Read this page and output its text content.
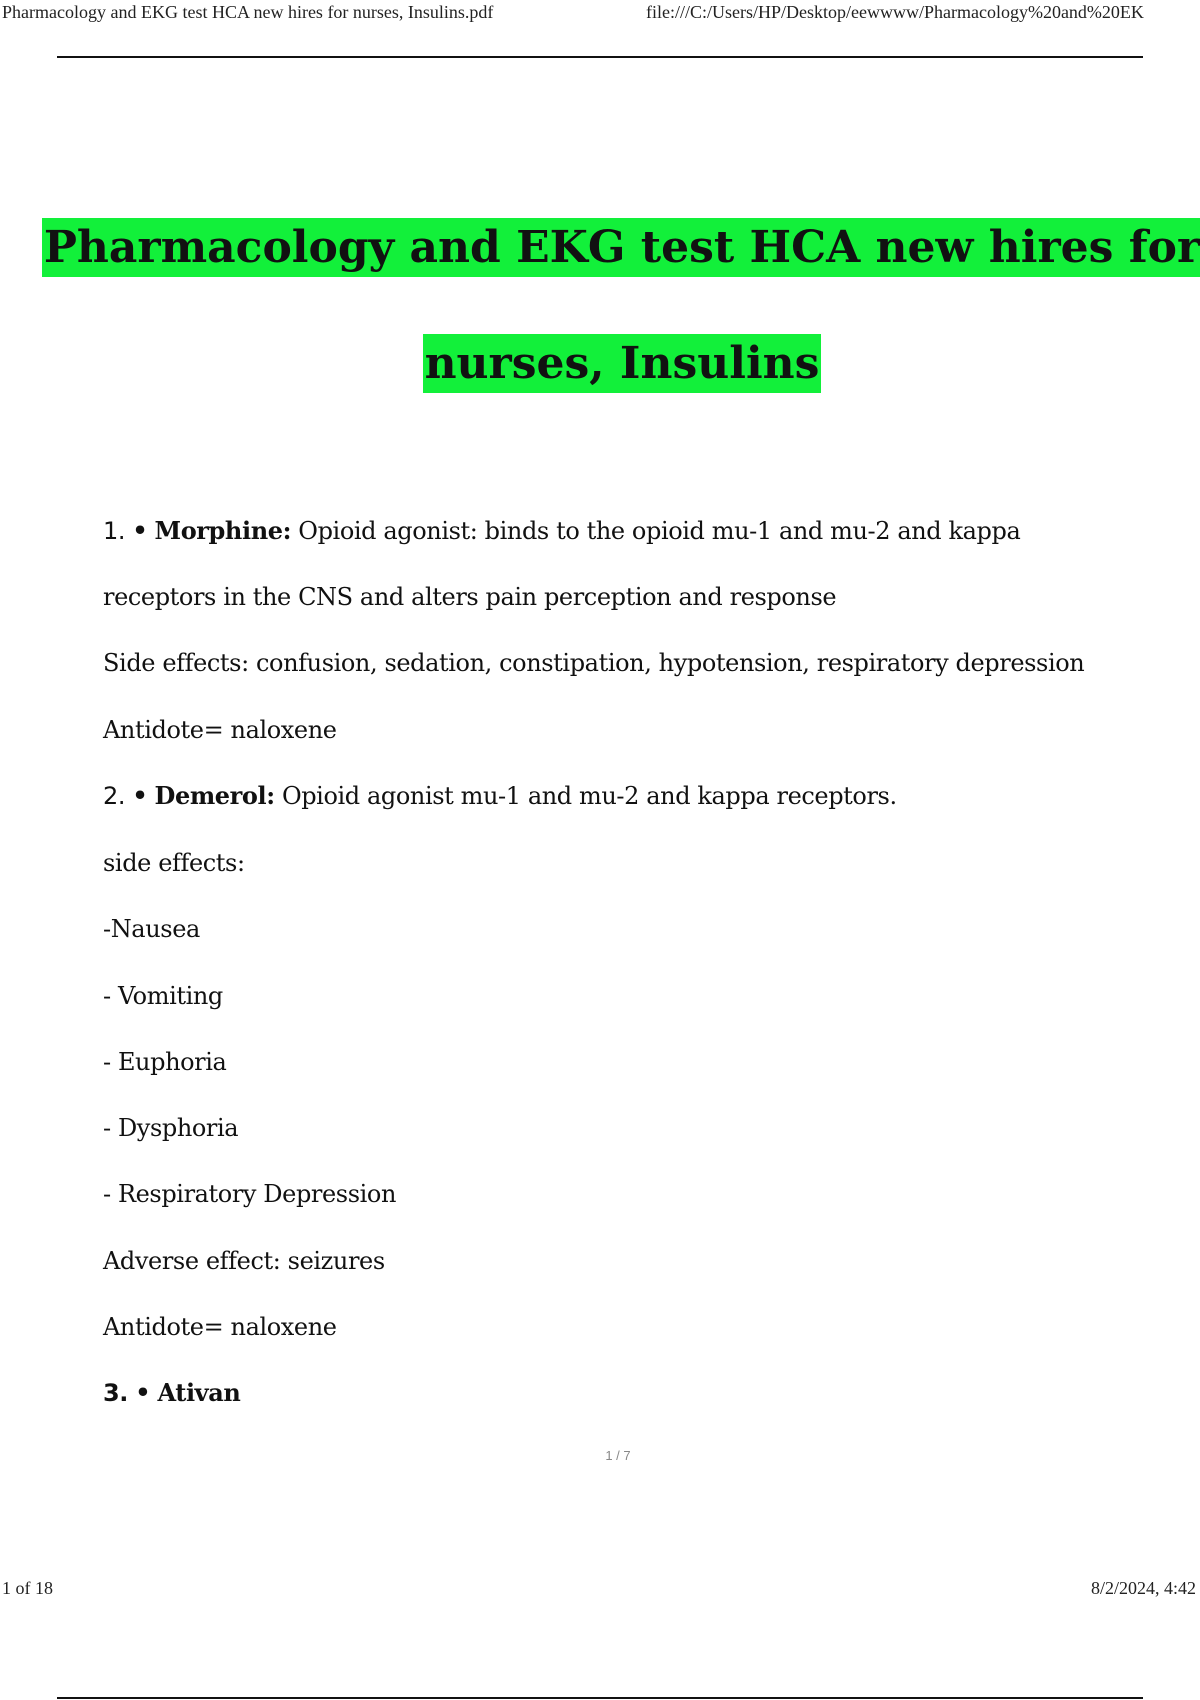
Pharmacology and EKG test HCA new hires for nurses, Insulins.pdf	file:///C:/Users/HP/Desktop/eewwww/Pharmacology%20and%20EK
Pharmacology and EKG test HCA new hires for
nurses, Insulins
1. • Morphine: Opioid agonist: binds to the opioid mu-1 and mu-2 and kappa
receptors in the CNS and alters pain perception and response
Side effects: confusion, sedation, constipation, hypotension, respiratory depression
Antidote= naloxene
2. • Demerol: Opioid agonist mu-1 and mu-2 and kappa receptors.
side effects:
-Nausea
- Vomiting
- Euphoria
- Dysphoria
- Respiratory Depression
Adverse effect: seizures
Antidote= naloxene
3. • Ativan
1 / 7
1 of 18	8/2/2024, 4:42
